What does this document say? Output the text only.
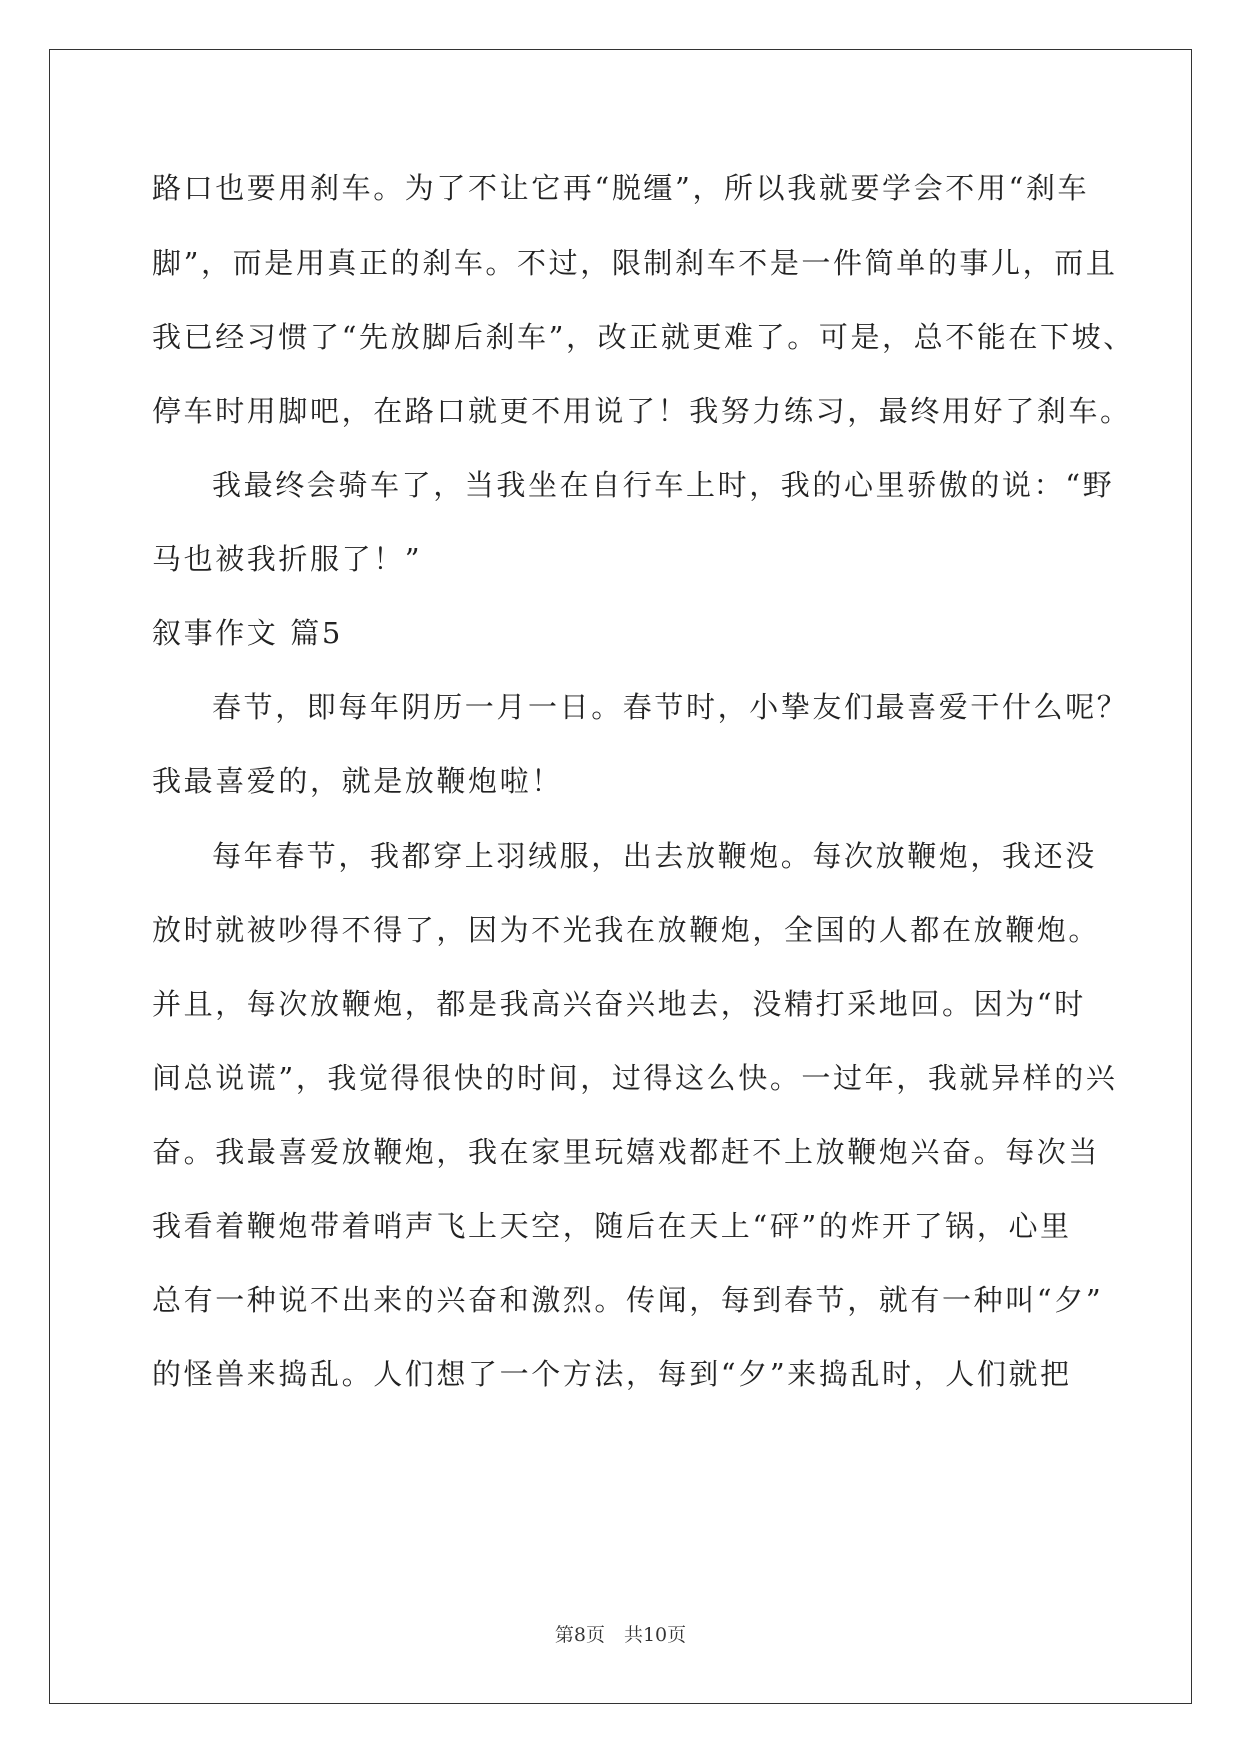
路口也要用刹车。为了不让它再“脱缰”，所以我就要学会不用“刹车
脚”，而是用真正的刹车。不过，限制刹车不是一件简单的事儿，而且
我已经习惯了“先放脚后刹车”，改正就更难了。可是，总不能在下坡、
停车时用脚吧，在路口就更不用说了！我努力练习，最终用好了刹车。
我最终会骑车了，当我坐在自行车上时，我的心里骄傲的说：“野
马也被我折服了！”
叙事作文 篇5
春节，即每年阴历一月一日。春节时，小挚友们最喜爱干什么呢？
我最喜爱的，就是放鞭炮啦！
每年春节，我都穿上羽绒服，出去放鞭炮。每次放鞭炮，我还没
放时就被吵得不得了，因为不光我在放鞭炮，全国的人都在放鞭炮。
并且，每次放鞭炮，都是我高兴奋兴地去，没精打采地回。因为“时
间总说谎”，我觉得很快的时间，过得这么快。一过年，我就异样的兴
奋。我最喜爱放鞭炮，我在家里玩嬉戏都赶不上放鞭炮兴奋。每次当
我看着鞭炮带着哨声飞上天空，随后在天上“砰”的炸开了锅，心里
总有一种说不出来的兴奋和激烈。传闻，每到春节，就有一种叫“夕”
的怪兽来捣乱。人们想了一个方法，每到“夕”来捣乱时，人们就把
第8页　共10页
